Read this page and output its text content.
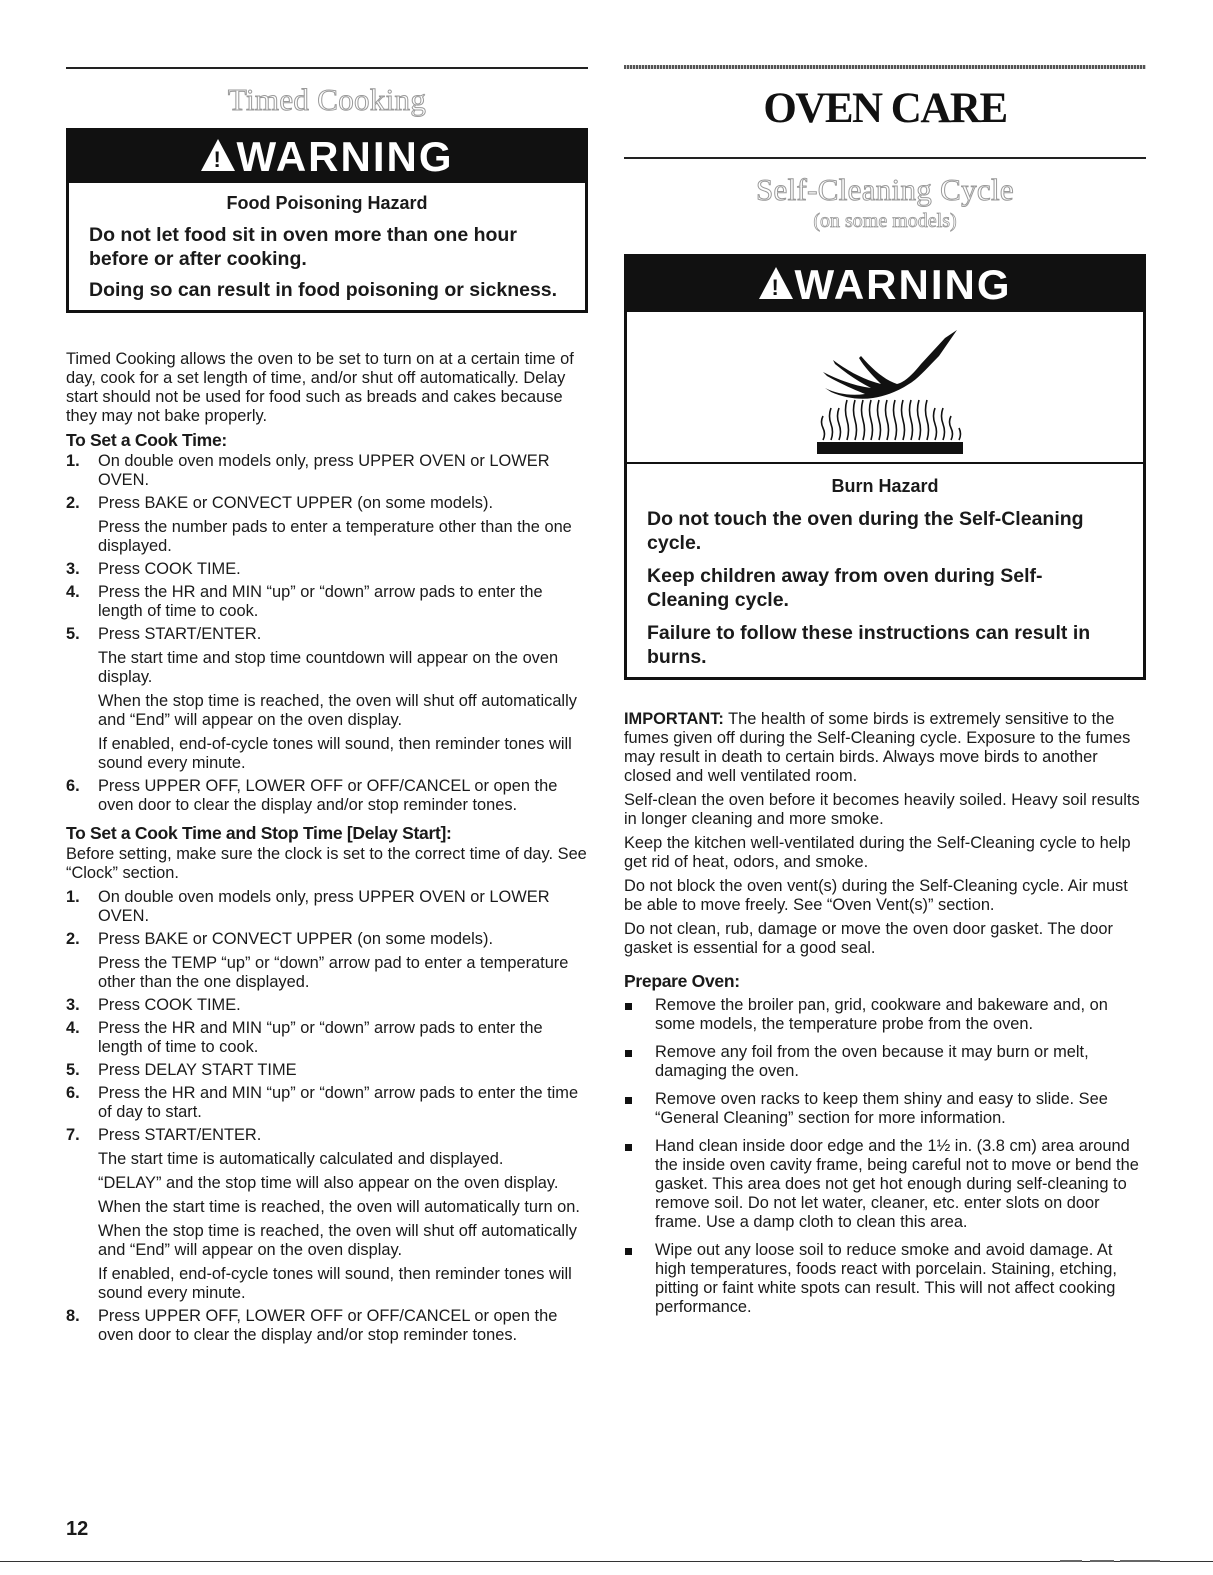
Timed Cooking
!
WARNING
Food Poisoning Hazard
Do not let food sit in oven more than one hour before or after cooking.
Doing so can result in food poisoning or sickness.

Timed Cooking allows the oven to be set to turn on at a certain time of day, cook for a set length of time, and/or shut off automatically. Delay start should not be used for food such as breads and cakes because they may not bake properly.

To Set a Cook Time:
1. On double oven models only, press UPPER OVEN or LOWER OVEN.
2. Press BAKE or CONVECT UPPER (on some models).
Press the number pads to enter a temperature other than the one displayed.
3. Press COOK TIME.
4. Press the HR and MIN “up” or “down” arrow pads to enter the length of time to cook.
5. Press START/ENTER.
The start time and stop time countdown will appear on the oven display.
When the stop time is reached, the oven will shut off automatically and “End” will appear on the oven display.
If enabled, end-of-cycle tones will sound, then reminder tones will sound every minute.
6. Press UPPER OFF, LOWER OFF or OFF/CANCEL or open the oven door to clear the display and/or stop reminder tones.
To Set a Cook Time and Stop Time [Delay Start]:

Before setting, make sure the clock is set to the correct time of day. See “Clock” section.

1. On double oven models only, press UPPER OVEN or LOWER OVEN.
2. Press BAKE or CONVECT UPPER (on some models).
Press the TEMP “up” or “down” arrow pad to enter a temperature other than the one displayed.
3. Press COOK TIME.
4. Press the HR and MIN “up” or “down” arrow pads to enter the length of time to cook.
5. Press DELAY START TIME
6. Press the HR and MIN “up” or “down” arrow pads to enter the time of day to start.
7. Press START/ENTER.
The start time is automatically calculated and displayed.
“DELAY” and the stop time will also appear on the oven display.
When the start time is reached, the oven will automatically turn on.
When the stop time is reached, the oven will shut off automatically and “End” will appear on the oven display.
If enabled, end-of-cycle tones will sound, then reminder tones will sound every minute.
8. Press UPPER OFF, LOWER OFF or OFF/CANCEL or open the oven door to clear the display and/or stop reminder tones.
OVEN CARE
Self-Cleaning Cycle
(on some models)
!
WARNING
Burn Hazard
Do not touch the oven during the Self-Cleaning cycle.
Keep children away from oven during Self-Cleaning cycle.
Failure to follow these instructions can result in burns.

IMPORTANT: The health of some birds is extremely sensitive to the fumes given off during the Self-Cleaning cycle. Exposure to the fumes may result in death to certain birds. Always move birds to another closed and well ventilated room.

Self-clean the oven before it becomes heavily soiled. Heavy soil results in longer cleaning and more smoke.

Keep the kitchen well-ventilated during the Self-Cleaning cycle to help get rid of heat, odors, and smoke.

Do not block the oven vent(s) during the Self-Cleaning cycle. Air must be able to move freely. See “Oven Vent(s)” section.

Do not clean, rub, damage or move the oven door gasket. The door gasket is essential for a good seal.

Prepare Oven:
Remove the broiler pan, grid, cookware and bakeware and, on some models, the temperature probe from the oven.
Remove any foil from the oven because it may burn or melt, damaging the oven.
Remove oven racks to keep them shiny and easy to slide. See “General Cleaning” section for more information.
Hand clean inside door edge and the 1½ in. (3.8 cm) area around the inside oven cavity frame, being careful not to move or bend the gasket. This area does not get hot enough during self-cleaning to remove soil. Do not let water, cleaner, etc. enter slots on door frame. Use a damp cloth to clean this area.
Wipe out any loose soil to reduce smoke and avoid damage. At high temperatures, foods react with porcelain. Staining, etching, pitting or faint white spots can result. This will not affect cooking performance.
12
